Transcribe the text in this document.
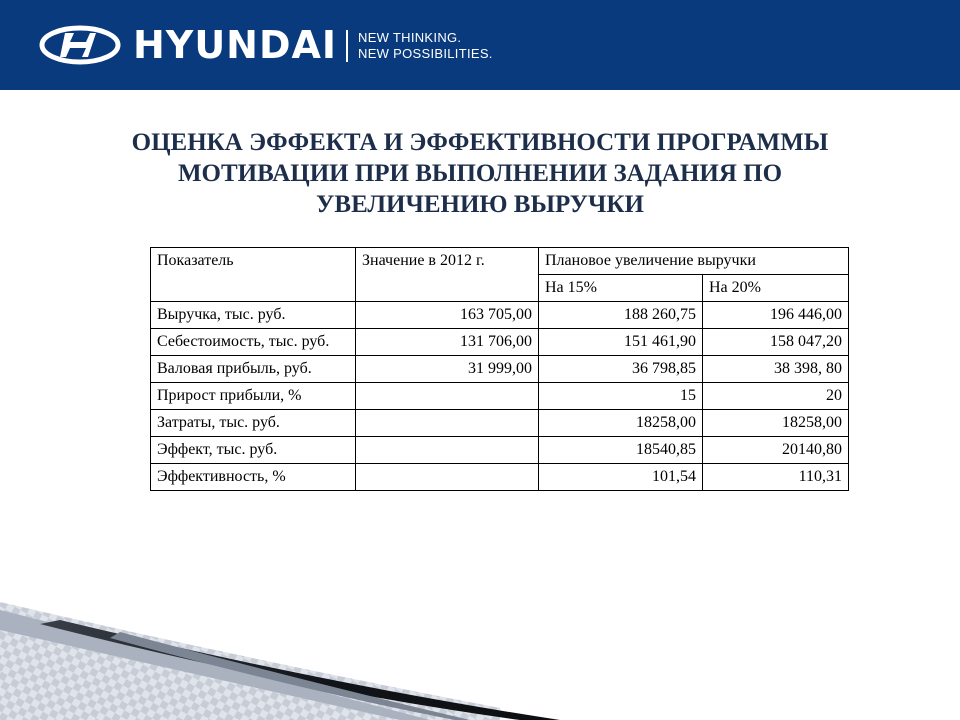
HYUNDAI NEW THINKING.
NEW POSSIBILITIES.
ОЦЕНКА ЭФФЕКТА И ЭФФЕКТИВНОСТИ ПРОГРАММЫ
МОТИВАЦИИ ПРИ ВЫПОЛНЕНИИ ЗАДАНИЯ ПО
УВЕЛИЧЕНИЮ ВЫРУЧКИ
Показатель	Значение в 2012 г.	Плановое увеличение выручки	
		На 15%	На 20%
Выручка, тыс. руб.	163 705,00	188 260,75	196 446,00
Себестоимость, тыс. руб.	131 706,00	151 461,90	158 047,20
Валовая прибыль, руб.	31 999,00	36 798,85	38 398, 80
Прирост прибыли, %		15	20
Затраты, тыс. руб.		18258,00	18258,00
Эффект, тыс. руб.		18540,85	20140,80
Эффективность, %		101,54	110,31
